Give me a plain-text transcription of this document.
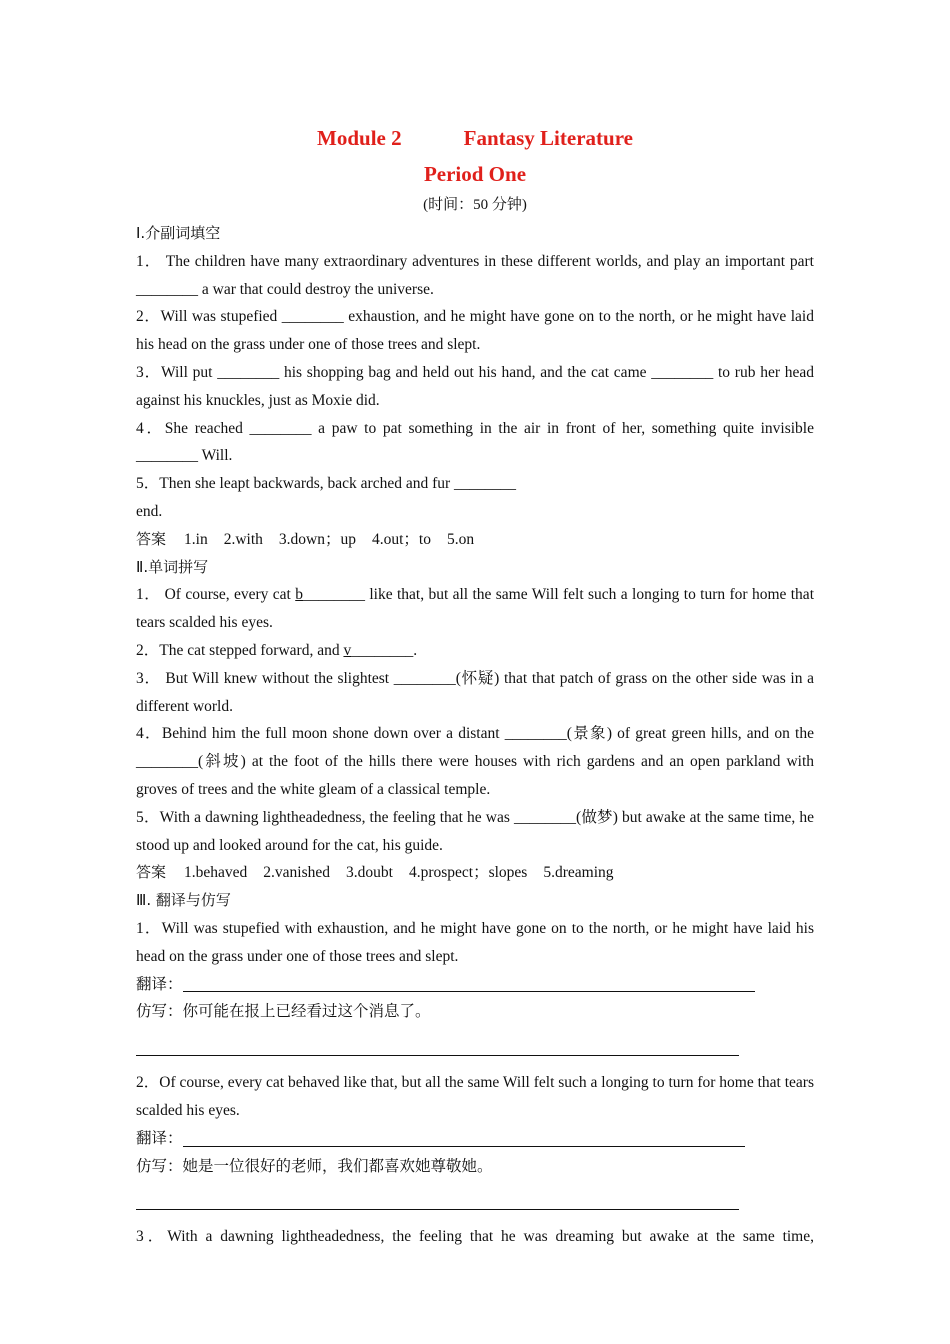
Module 2	Fantasy Literature
Period One
(时间：50 分钟)
Ⅰ.介副词填空
1． The children have many extraordinary adventures in these different worlds, and play an important part ________ a war that could destroy the universe.
2．Will was stupefied ________ exhaustion, and he might have gone on to the north, or he might have laid his head on the grass under one of those trees and slept.
3．Will put ________ his shopping bag and held out his hand, and the cat came ________ to rub her head against his knuckles, just as Moxie did.
4．She reached ________ a paw to pat something in the air in front of her, something quite invisible ________ Will.
5．Then she leapt backwards, back arched and fur ________
end.
答案 1.in 2.with 3.down；up 4.out；to 5.on
Ⅱ.单词拼写
1． Of course, every cat b________ like that, but all the same Will felt such a longing to turn for home that tears scalded his eyes.
2．The cat stepped forward, and v________.
3． But Will knew without the slightest ________(怀疑) that that patch of grass on the other side was in a different world.
4．Behind him the full moon shone down over a distant ________(景象) of great green hills, and on the ________(斜坡) at the foot of the hills there were houses with rich gardens and an open parkland with groves of trees and the white gleam of a classical temple.
5．With a dawning lightheadedness, the feeling that he was ________(做梦) but awake at the same time, he stood up and looked around for the cat, his guide.
答案 1.behaved 2.vanished 3.doubt 4.prospect；slopes 5.dreaming
Ⅲ. 翻译与仿写
1．Will was stupefied with exhaustion, and he might have gone on to the north, or he might have laid his head on the grass under one of those trees and slept.
翻译：
仿写：你可能在报上已经看过这个消息了。
2．Of course, every cat behaved like that, but all the same Will felt such a longing to turn for home that tears scalded his eyes.
翻译：
仿写：她是一位很好的老师，我们都喜欢她尊敬她。
3．With a dawning lightheadedness, the feeling that he was dreaming but awake at the same time,
